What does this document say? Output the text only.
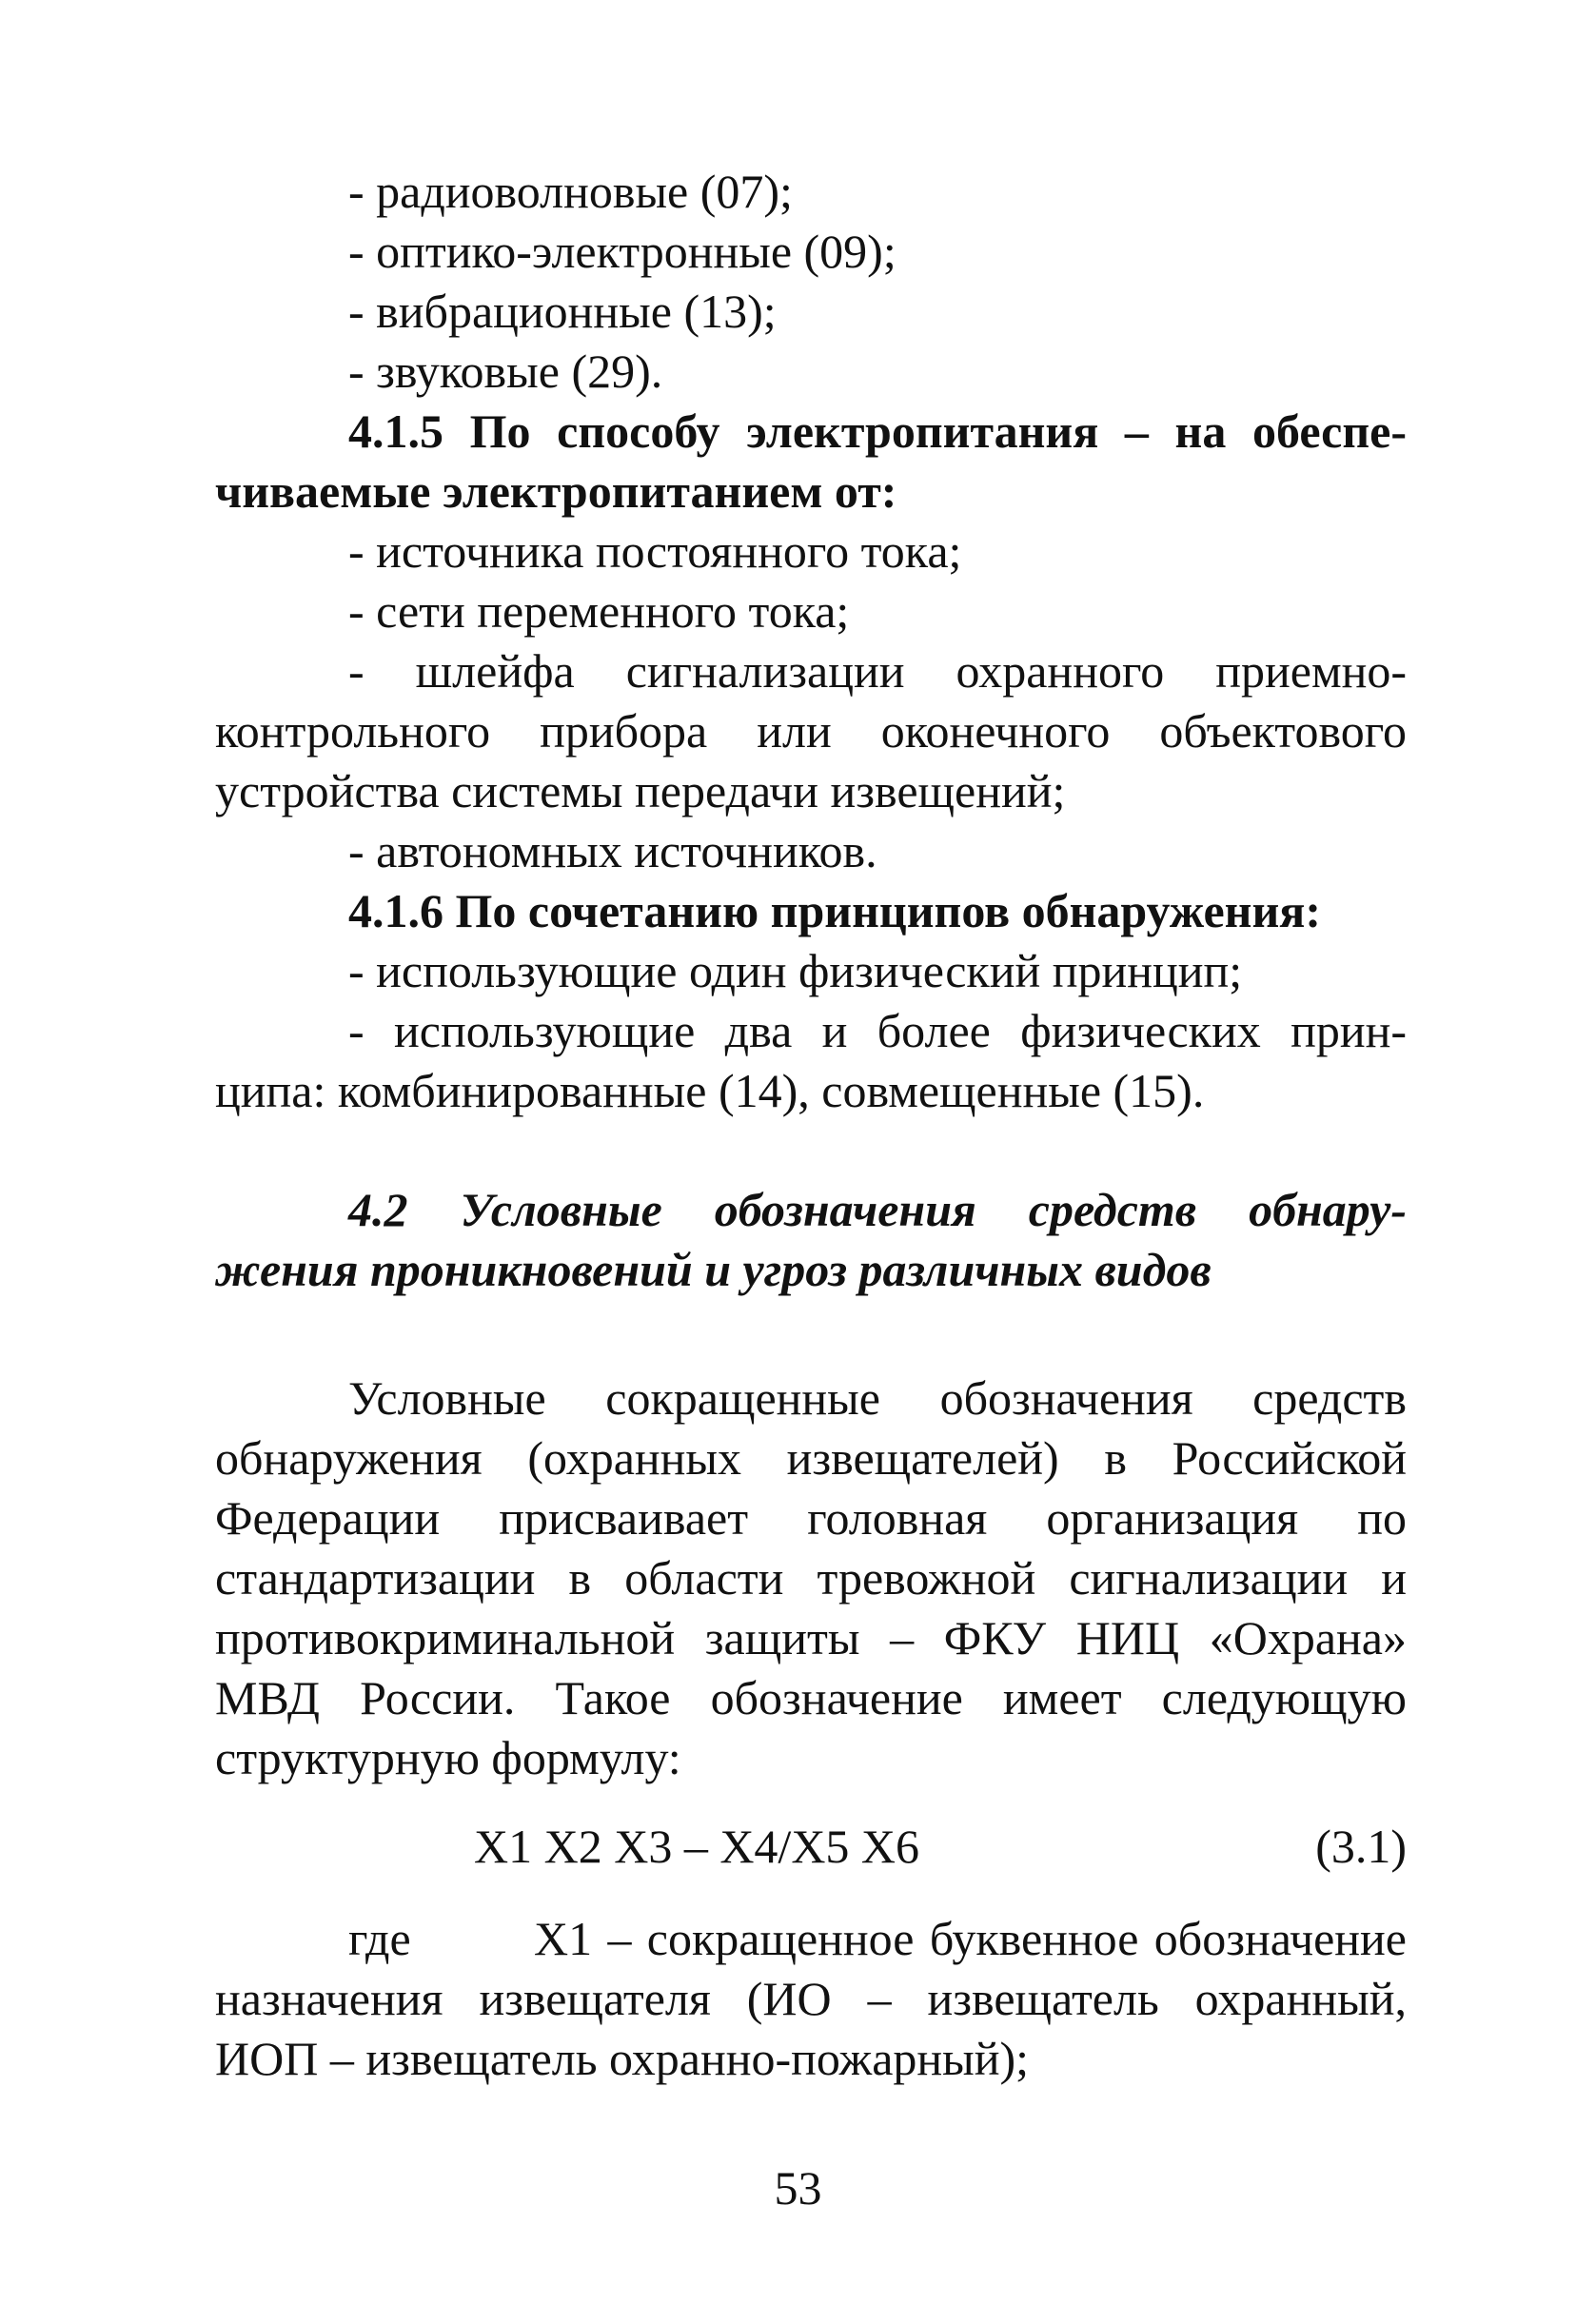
- радиоволновые (07);
- оптико-электронные (09);
- вибрационные (13);
- звуковые (29).
4.1.5 По способу электропитания – на обеспе-
чиваемые электропитанием от:
- источника постоянного тока;
- сети переменного тока;
- шлейфа сигнализации охранного приемно-
контрольного прибора или оконечного объектового
устройства системы передачи извещений;
- автономных источников.
4.1.6 По сочетанию принципов обнаружения:
- использующие один физический принцип;
- использующие два и более физических прин-
ципа: комбинированные (14), совмещенные (15).
4.2 Условные обозначения средств обнару-
жения проникновений и угроз различных видов
Условные сокращенные обозначения средств
обнаружения (охранных извещателей) в Российской
Федерации присваивает головная организация по
стандартизации в области тревожной сигнализации и
противокриминальной защиты – ФКУ НИЦ «Охрана»
МВД России. Такое обозначение имеет следующую
структурную формулу:
X1 X2 X3 – X4/X5 X6	(3.1)
где	X1 – сокращенное буквенное обозначение
назначения извещателя (ИО – извещатель охранный,
ИОП – извещатель охранно-пожарный);
53
